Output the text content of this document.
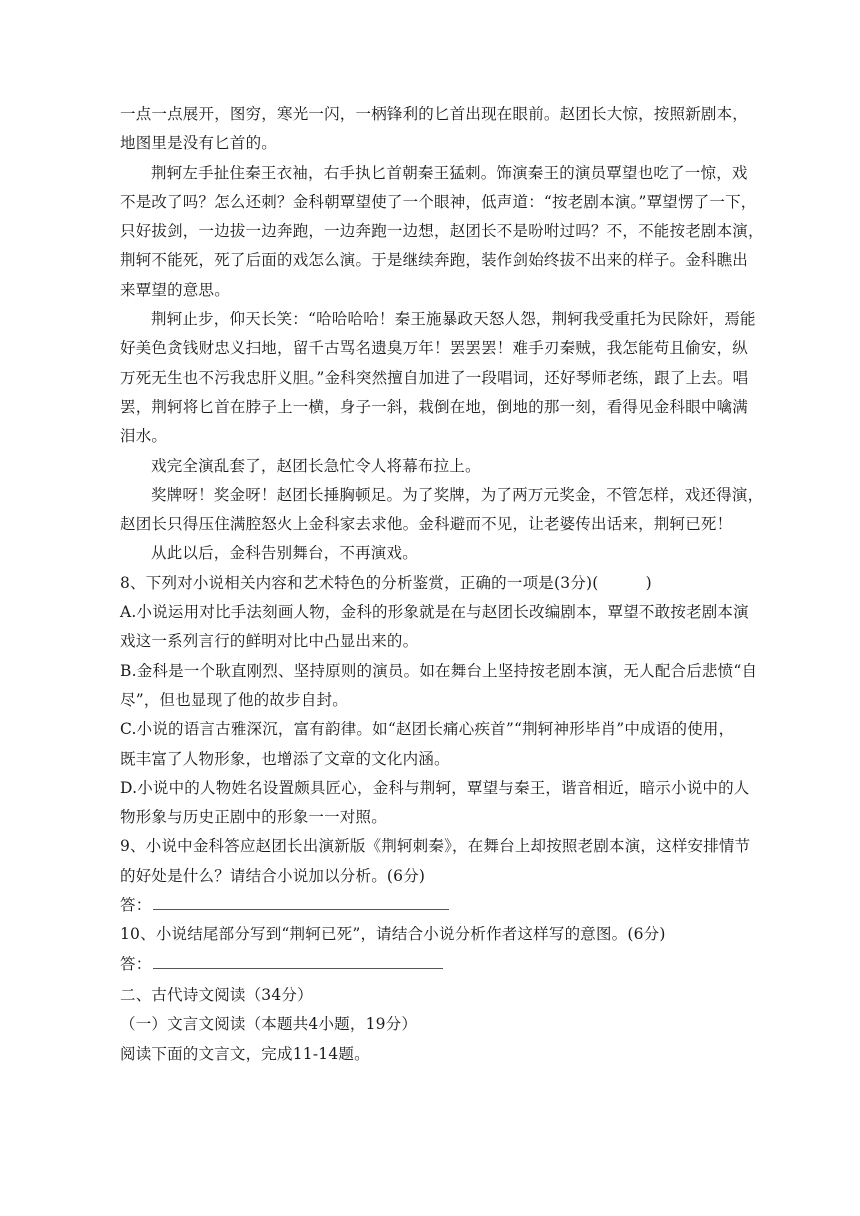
一点一点展开，图穷，寒光一闪，一柄锋利的匕首出现在眼前。赵团长大惊，按照新剧本，
地图里是没有匕首的。
荆轲左手扯住秦王衣袖，右手执匕首朝秦王猛刺。饰演秦王的演员覃望也吃了一惊，戏
不是改了吗？怎么还刺？金科朝覃望使了一个眼神，低声道：“按老剧本演。”覃望愣了一下，
只好拔剑，一边拔一边奔跑，一边奔跑一边想，赵团长不是吩咐过吗？不，不能按老剧本演，
荆轲不能死，死了后面的戏怎么演。于是继续奔跑，装作剑始终拔不出来的样子。金科瞧出
来覃望的意思。
荆轲止步，仰天长笑：“哈哈哈哈！秦王施暴政天怒人怨，荆轲我受重托为民除奸，焉能
好美色贪钱财忠义扫地，留千古骂名遗臭万年！罢罢罢！难手刃秦贼，我怎能苟且偷安，纵
万死无生也不污我忠肝义胆。”金科突然擅自加进了一段唱词，还好琴师老练，跟了上去。唱
罢，荆轲将匕首在脖子上一横，身子一斜，栽倒在地，倒地的那一刻，看得见金科眼中噙满
泪水。
戏完全演乱套了，赵团长急忙令人将幕布拉上。
奖牌呀！奖金呀！赵团长捶胸顿足。为了奖牌，为了两万元奖金，不管怎样，戏还得演，
赵团长只得压住满腔怒火上金科家去求他。金科避而不见，让老婆传出话来，荆轲已死！
从此以后，金科告别舞台，不再演戏。
8、下列对小说相关内容和艺术特色的分析鉴赏，正确的一项是(3分)(　　　)
A.小说运用对比手法刻画人物，金科的形象就是在与赵团长改编剧本，覃望不敢按老剧本演
戏这一系列言行的鲜明对比中凸显出来的。
B.金科是一个耿直刚烈、坚持原则的演员。如在舞台上坚持按老剧本演，无人配合后悲愤“自
尽”，但也显现了他的故步自封。
C.小说的语言古雅深沉，富有韵律。如“赵团长痛心疾首”“荆轲神形毕肖”中成语的使用，
既丰富了人物形象，也增添了文章的文化内涵。
D.小说中的人物姓名设置颇具匠心，金科与荆轲，覃望与秦王，谐音相近，暗示小说中的人
物形象与历史正剧中的形象一一对照。
9、小说中金科答应赵团长出演新版《荆轲刺秦》，在舞台上却按照老剧本演，这样安排情节
的好处是什么？请结合小说加以分析。(6分)
答：
10、小说结尾部分写到“荆轲已死”，请结合小说分析作者这样写的意图。(6分)
答：
二、古代诗文阅读（34分）
（一）文言文阅读（本题共4小题，19分）
阅读下面的文言文，完成11-14题。
